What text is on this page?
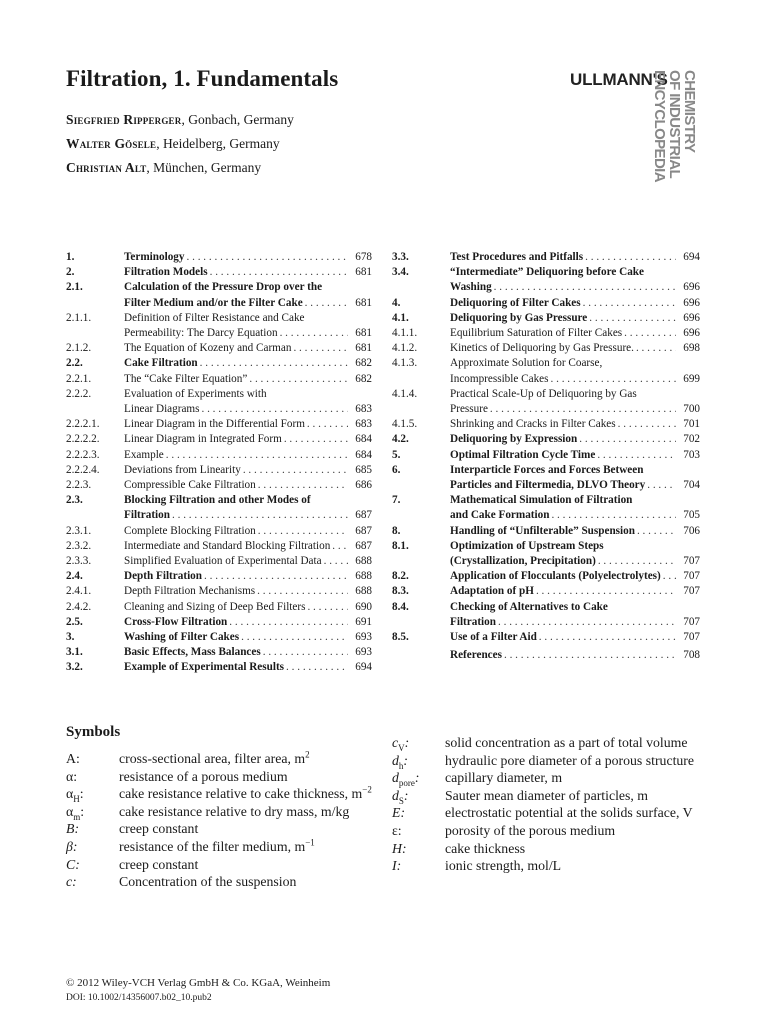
Filtration, 1. Fundamentals
Siegfried Ripperger, Gonbach, Germany
Walter Gösele, Heidelberg, Germany
Christian Alt, München, Germany
ULLMANN'S
ENCYCLOPEDIA
OF INDUSTRIAL
CHEMISTRY
1.	Terminology . . .	678
2.	Filtration Models . . .	681
2.1.	Calculation of the Pressure Drop over the
Filter Medium and/or the Filter Cake . . .	681
2.1.1.	Definition of Filter Resistance and Cake
Permeability: The Darcy Equation . . .	681
2.1.2.	The Equation of Kozeny and Carman . . .	681
2.2.	Cake Filtration . . .	682
2.2.1.	The “Cake Filter Equation” . . .	682
2.2.2.	Evaluation of Experiments with
Linear Diagrams . . .	683
2.2.2.1.	Linear Diagram in the Differential Form . . .	683
2.2.2.2.	Linear Diagram in Integrated Form . . .	684
2.2.2.3.	Example . . .	684
2.2.2.4.	Deviations from Linearity . . .	685
2.2.3.	Compressible Cake Filtration . . .	686
2.3.	Blocking Filtration and other Modes of
Filtration . . .	687
2.3.1.	Complete Blocking Filtration . . .	687
2.3.2.	Intermediate and Standard Blocking Filtration . . .	687
2.3.3.	Simplified Evaluation of Experimental Data . . .	688
2.4.	Depth Filtration . . .	688
2.4.1.	Depth Filtration Mechanisms . . .	688
2.4.2.	Cleaning and Sizing of Deep Bed Filters . . .	690
2.5.	Cross-Flow Filtration . . .	691
3.	Washing of Filter Cakes . . .	693
3.1.	Basic Effects, Mass Balances . . .	693
3.2.	Example of Experimental Results . . .	694
3.3.	Test Procedures and Pitfalls . . .	694
3.4.	“Intermediate” Deliquoring before Cake
Washing . . .	696
4.	Deliquoring of Filter Cakes . . .	696
4.1.	Deliquoring by Gas Pressure . . .	696
4.1.1.	Equilibrium Saturation of Filter Cakes . . .	696
4.1.2.	Kinetics of Deliquoring by Gas Pressure. . . .	698
4.1.3.	Approximate Solution for Coarse,
Incompressible Cakes . . .	699
4.1.4.	Practical Scale-Up of Deliquoring by Gas
Pressure . . .	700
4.1.5.	Shrinking and Cracks in Filter Cakes . . .	701
4.2.	Deliquoring by Expression . . .	702
5.	Optimal Filtration Cycle Time . . .	703
6.	Interparticle Forces and Forces Between
Particles and Filtermedia, DLVO Theory . . .	704
7.	Mathematical Simulation of Filtration
and Cake Formation . . .	705
8.	Handling of “Unfilterable” Suspension . . .	706
8.1.	Optimization of Upstream Steps
(Crystallization, Precipitation) . . .	707
8.2.	Application of Flocculants (Polyelectrolytes) . . .	707
8.3.	Adaptation of pH . . .	707
8.4.	Checking of Alternatives to Cake
Filtration . . .	707
8.5.	Use of a Filter Aid . . .	707
References . . .	708
Symbols
A:	cross-sectional area, filter area, $m^2$
α:	resistance of a porous medium
$\alpha_H$:	cake resistance relative to cake thickness, $m^{-2}$
$\alpha_m$:	cake resistance relative to dry mass, m/kg
B:	creep constant
β:	resistance of the filter medium, $m^{-1}$
C:	creep constant
c:	Concentration of the suspension
$c_V$:	solid concentration as a part of total volume
$d_h$:	hydraulic pore diameter of a porous structure
$d_{pore}$: capillary diameter, m
$d_S$:	Sauter mean diameter of particles, m
E:	electrostatic potential at the solids surface, V
ε:	porosity of the porous medium
H:	cake thickness
I:	ionic strength, mol/L
© 2012 Wiley-VCH Verlag GmbH & Co. KGaA, Weinheim
DOI: 10.1002/14356007.b02_10.pub2
